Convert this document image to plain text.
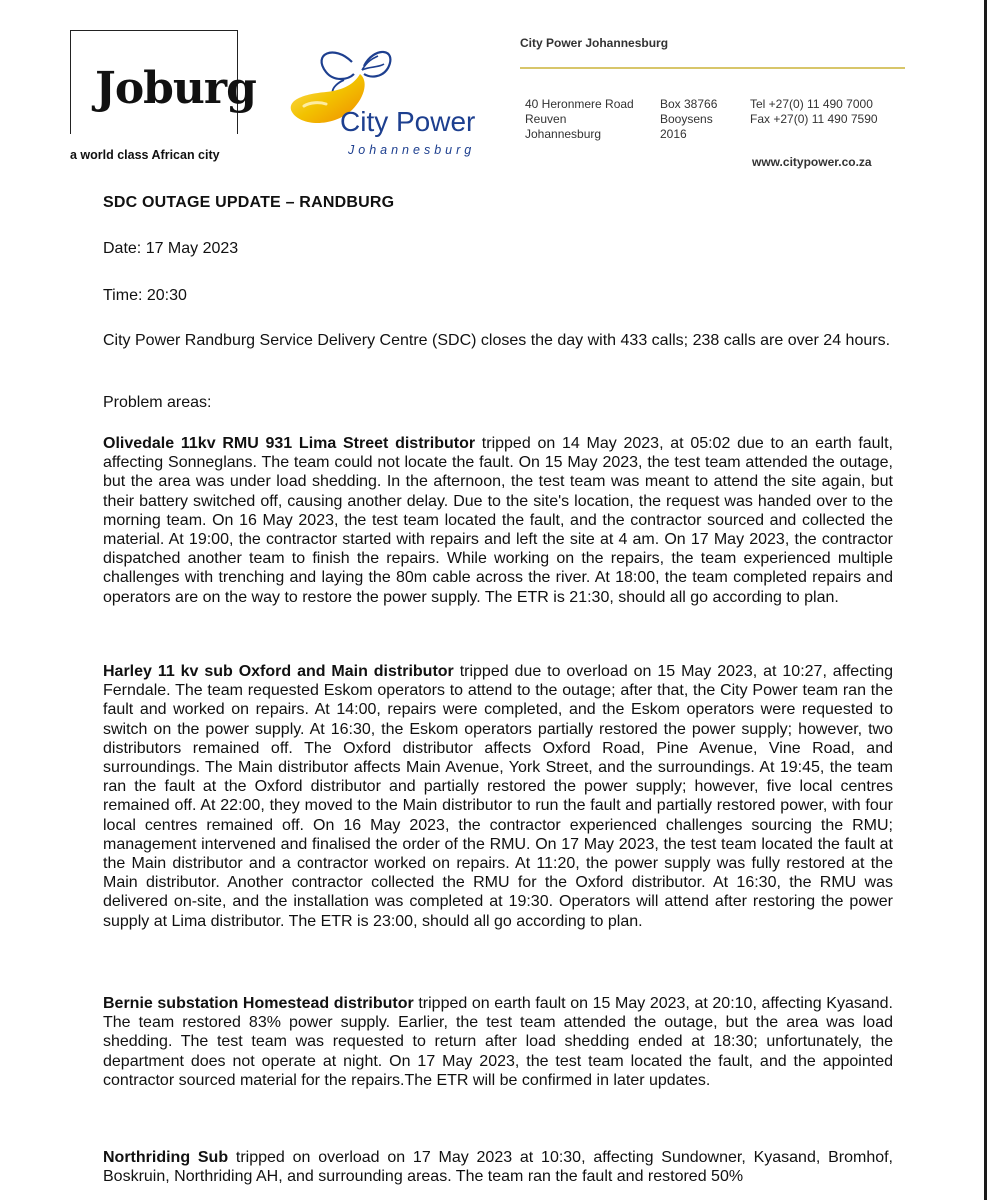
Joburg
a world class African city
City Power
Johannesburg
City Power Johannesburg
40 Heronmere Road
Reuven
Johannesburg
Box 38766
Booysens
2016
Tel +27(0) 11 490 7000
Fax +27(0) 11 490 7590
www.citypower.co.za
SDC OUTAGE UPDATE – RANDBURG
Date: 17 May 2023
Time: 20:30

City Power Randburg Service Delivery Centre (SDC) closes the day with 433 calls; 238 calls are over 24 hours.

Problem areas:

Olivedale 11kv RMU 931 Lima Street distributor tripped on 14 May 2023, at 05:02 due to an earth fault, affecting Sonneglans. The team could not locate the fault. On 15 May 2023, the test team attended the outage, but the area was under load shedding. In the afternoon, the test team was meant to attend the site again, but their battery switched off, causing another delay. Due to the site's location, the request was handed over to the morning team. On 16 May 2023, the test team located the fault, and the contractor sourced and collected the material. At 19:00, the contractor started with repairs and left the site at 4 am. On 17 May 2023, the contractor dispatched another team to finish the repairs. While working on the repairs, the team experienced multiple challenges with trenching and laying the 80m cable across the river. At 18:00, the team completed repairs and operators are on the way to restore the power supply. The ETR is 21:30, should all go according to plan.

Harley 11 kv sub Oxford and Main distributor tripped due to overload on 15 May 2023, at 10:27, affecting Ferndale. The team requested Eskom operators to attend to the outage; after that, the City Power team ran the fault and worked on repairs. At 14:00, repairs were completed, and the Eskom operators were requested to switch on the power supply. At 16:30, the Eskom operators partially restored the power supply; however, two distributors remained off. The Oxford distributor affects Oxford Road, Pine Avenue, Vine Road, and surroundings. The Main distributor affects Main Avenue, York Street, and the surroundings. At 19:45, the team ran the fault at the Oxford distributor and partially restored the power supply; however, five local centres remained off. At 22:00, they moved to the Main distributor to run the fault and partially restored power, with four local centres remained off. On 16 May 2023, the contractor experienced challenges sourcing the RMU; management intervened and finalised the order of the RMU. On 17 May 2023, the test team located the fault at the Main distributor and a contractor worked on repairs. At 11:20, the power supply was fully restored at the Main distributor. Another contractor collected the RMU for the Oxford distributor. At 16:30, the RMU was delivered on-site, and the installation was completed at 19:30. Operators will attend after restoring the power supply at Lima distributor. The ETR is 23:00, should all go according to plan.

Bernie substation Homestead distributor tripped on earth fault on 15 May 2023, at 20:10, affecting Kyasand. The team restored 83% power supply. Earlier, the test team attended the outage, but the area was load shedding. The test team was requested to return after load shedding ended at 18:30; unfortunately, the department does not operate at night. On 17 May 2023, the test team located the fault, and the appointed contractor sourced material for the repairs.The ETR will be confirmed in later updates.

Northriding Sub tripped on overload on 17 May 2023 at 10:30, affecting Sundowner, Kyasand, Bromhof, Boskruin, Northriding AH, and surrounding areas. The team ran the fault and restored 50%
